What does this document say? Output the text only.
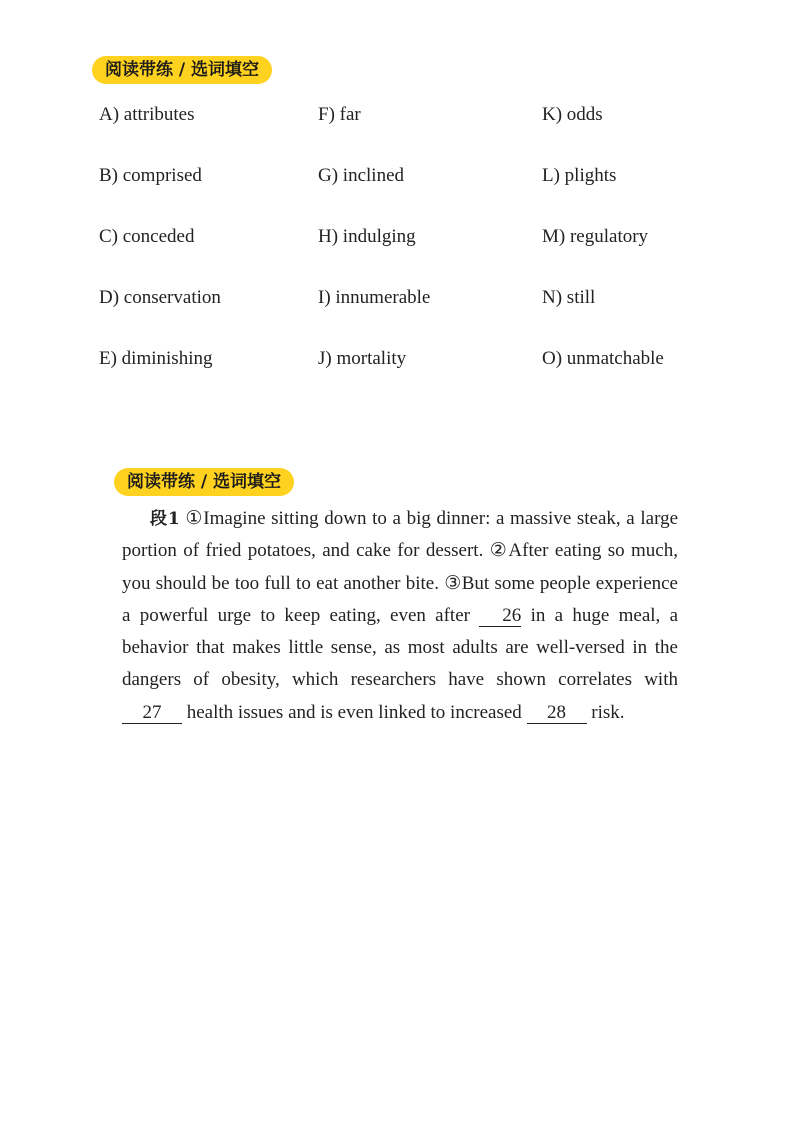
阅读带练 / 选词填空
A) attributes	F) far	K) odds
B) comprised	G) inclined	L) plights
C) conceded	H) indulging	M) regulatory
D) conservation	I) innumerable	N) still
E) diminishing	J) mortality	O) unmatchable
阅读带练 / 选词填空
段1 ①Imagine sitting down to a big dinner: a massive steak, a large portion of fried potatoes, and cake for dessert. ②After eating so much, you should be too full to eat another bite. ③But some people experience a powerful urge to keep eating, even after 26 in a huge meal, a behavior that makes little sense, as most adults are well-versed in the dangers of obesity, which researchers have shown correlates with 27 health issues and is even linked to increased 28 risk.
